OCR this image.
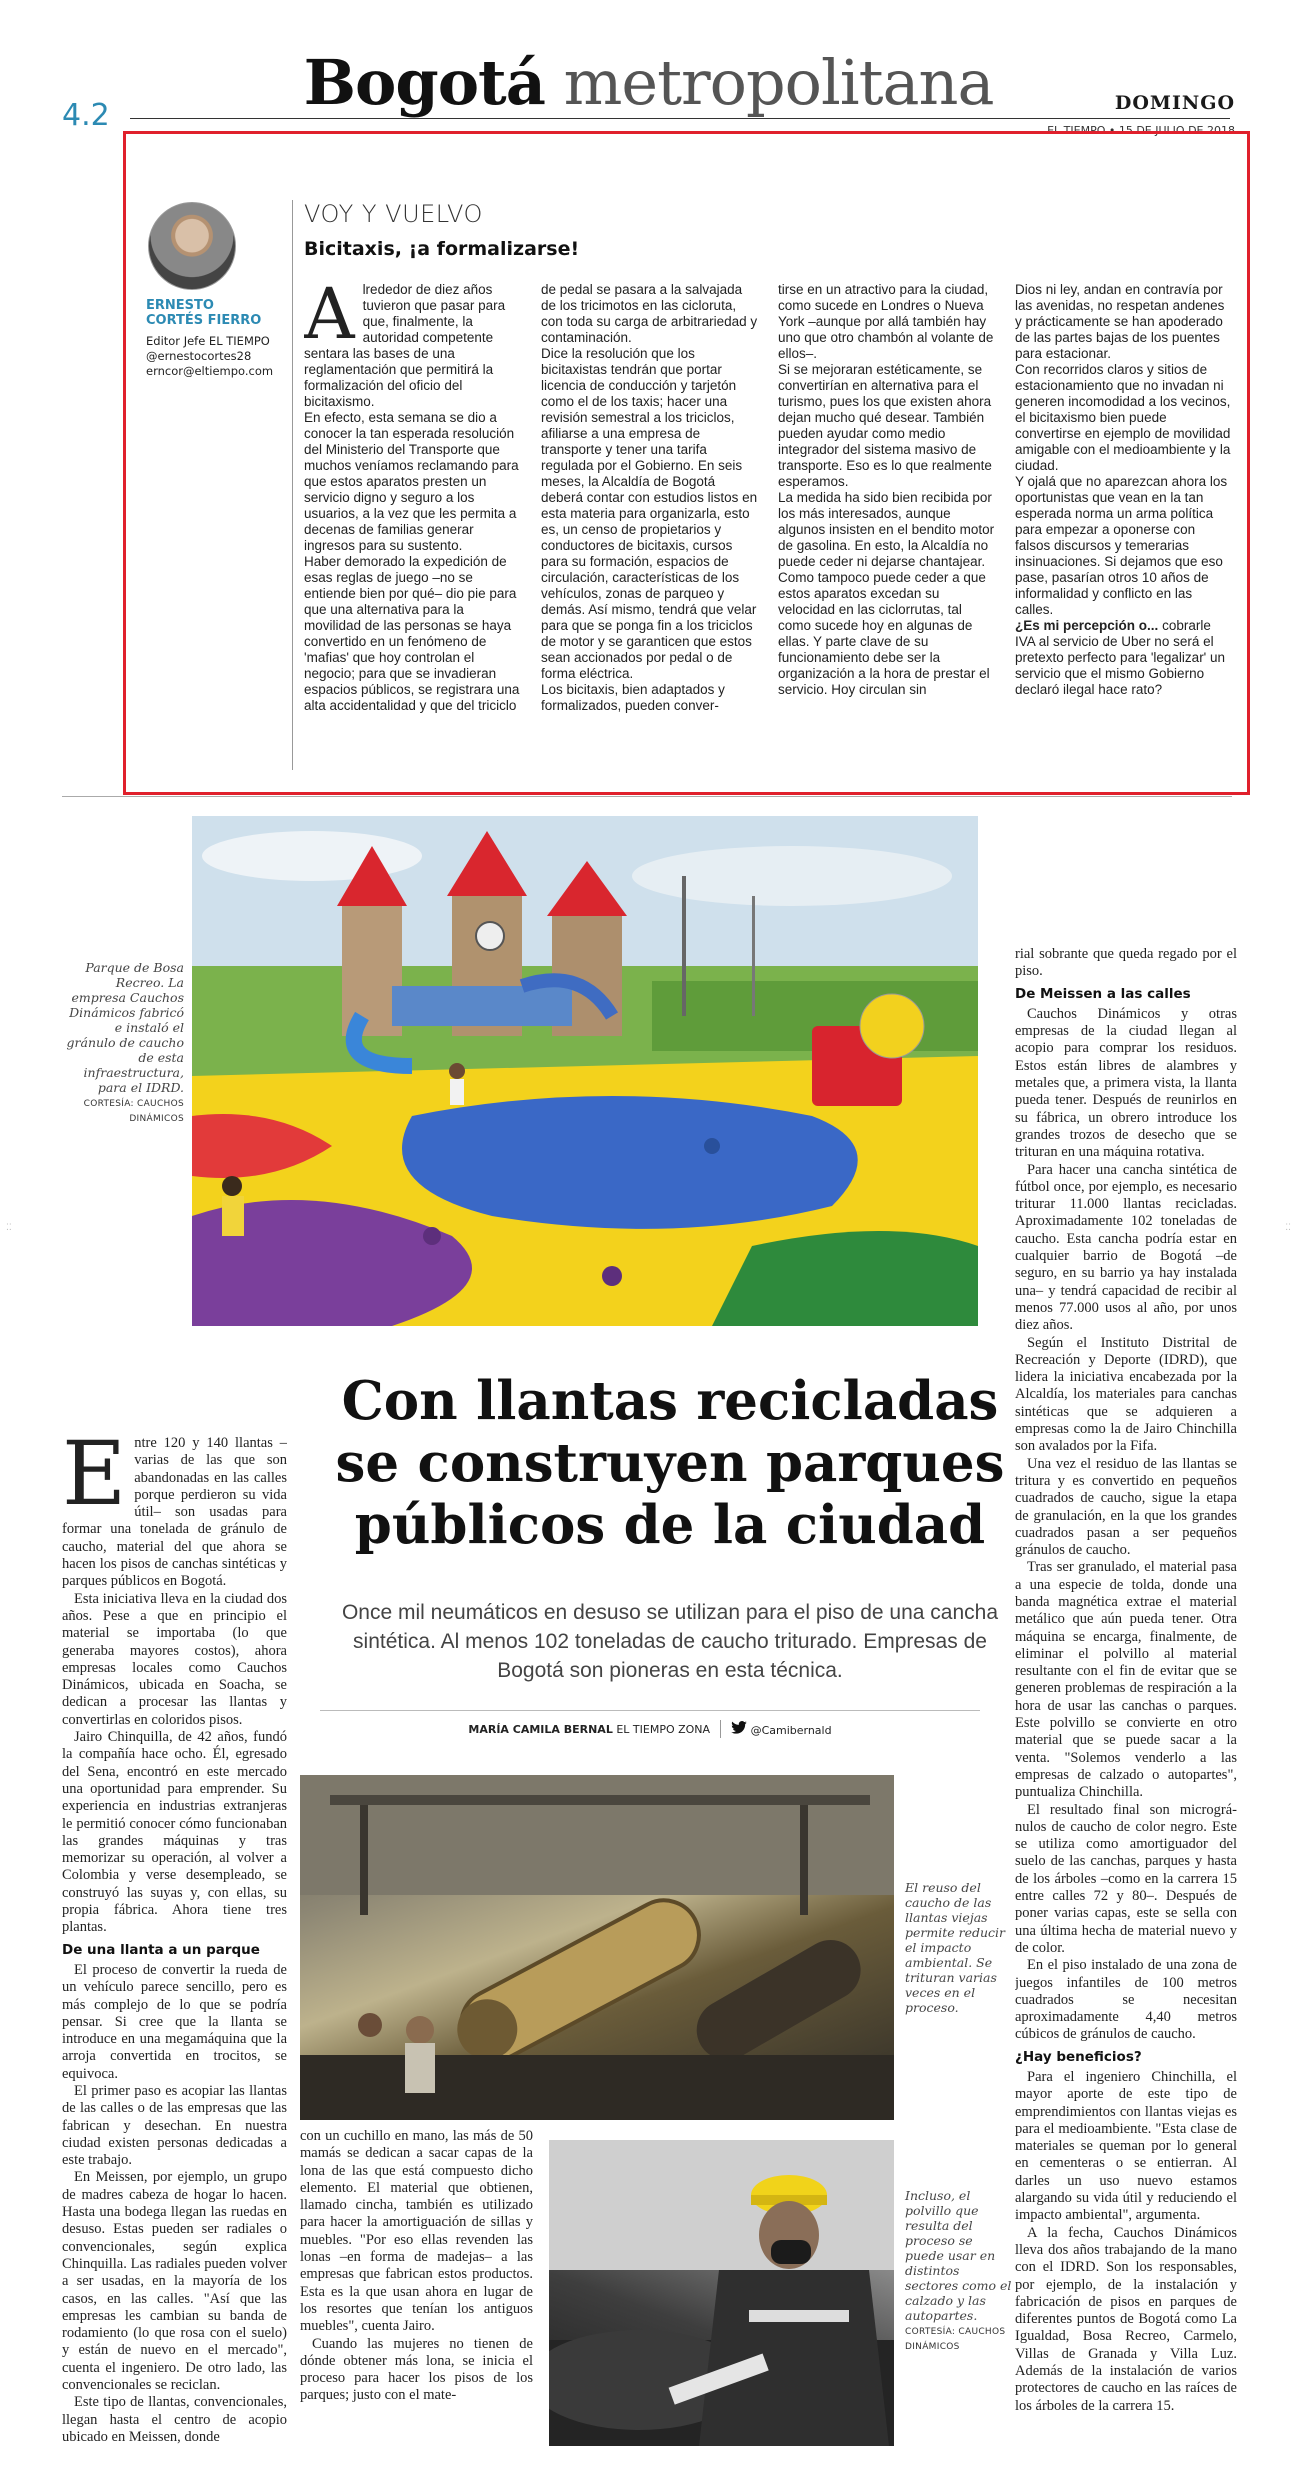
Bogotá metropolitana
4.2	DOMINGO
EL TIEMPO • 15 DE JULIO DE 2018
ERNESTO
CORTÉS FIERRO
Editor Jefe EL TIEMPO
@ernestocortes28
erncor@eltiempo.com
VOY Y VUELVO
Bicitaxis, ¡a formalizarse!
A lrededor de diez años tuvieron que pasar para que, finalmente, la autoridad competente sentara las bases de una reglamentación que permitirá la formalización del oficio del bicitaxismo.
En efecto, esta semana se dio a conocer la tan esperada resolución del Ministerio del Transporte que muchos veníamos reclamando para que estos aparatos presten un servicio digno y seguro a los usuarios, a la vez que les permita a decenas de familias generar ingresos para su sustento.
Haber demorado la expedición de esas reglas de juego –no se entiende bien por qué– dio pie para que una alternativa para la movilidad de las personas se haya convertido en un fenómeno de 'mafias' que hoy controlan el negocio; para que se invadieran espacios públicos, se registrara una alta accidentalidad y que del triciclo

de pedal se pasara a la salvajada de los tricimotos en las cicloruta, con toda su carga de arbitrariedad y contaminación.
Dice la resolución que los bicitaxistas tendrán que portar licencia de conducción y tarjetón como el de los taxis; hacer una revisión semestral a los triciclos, afiliarse a una empresa de transporte y tener una tarifa regulada por el Gobierno. En seis meses, la Alcaldía de Bogotá deberá contar con estudios listos en esta materia para organizarla, esto es, un censo de propietarios y conductores de bicitaxis, cursos para su formación, espacios de circulación, características de los vehículos, zonas de parqueo y demás. Así mismo, tendrá que velar para que se ponga fin a los triciclos de motor y se garanticen que estos sean accionados por pedal o de forma eléctrica.
Los bicitaxis, bien adaptados y formalizados, pueden conver-

tirse en un atractivo para la ciudad, como sucede en Londres o Nueva York –aunque por allá también hay uno que otro chambón al volante de ellos–.
Si se mejoraran estéticamente, se convertirían en alternativa para el turismo, pues los que existen ahora dejan mucho qué desear. También pueden ayudar como medio integrador del sistema masivo de transporte. Eso es lo que realmente esperamos.
La medida ha sido bien recibida por los más interesados, aunque algunos insisten en el bendito motor de gasolina. En esto, la Alcaldía no puede ceder ni dejarse chantajear.
Como tampoco puede ceder a que estos aparatos excedan su velocidad en las ciclorrutas, tal como sucede hoy en algunas de ellas. Y parte clave de su funcionamiento debe ser la organización a la hora de prestar el servicio. Hoy circulan sin

Dios ni ley, andan en contravía por las avenidas, no respetan andenes y prácticamente se han apoderado de las partes bajas de los puentes para estacionar.
Con recorridos claros y sitios de estacionamiento que no invadan ni generen incomodidad a los vecinos, el bicitaxismo bien puede convertirse en ejemplo de movilidad amigable con el medioambiente y la ciudad.
Y ojalá que no aparezcan ahora los oportunistas que vean en la tan esperada norma un arma política para empezar a oponerse con falsos discursos y temerarias insinuaciones. Si dejamos que eso pase, pasarían otros 10 años de informalidad y conflicto en las calles.

¿Es mi percepción o... cobrarle IVA al servicio de Uber no será el pretexto perfecto para 'legalizar' un servicio que el mismo Gobierno declaró ilegal hace rato?

⁚⁚	⁚⁚
Parque de Bosa Recreo. La empresa Cauchos Dinámicos fabricó e instaló el gránulo de caucho de esta infraestructura, para el IDRD.
CORTESÍA: CAUCHOS DINÁMICOS
Con llantas recicladas se construyen parques públicos de la ciudad

Once mil neumáticos en desuso se utilizan para el piso de una cancha sintética. Al menos 102 toneladas de caucho triturado. Empresas de Bogotá son pioneras en esta técnica.

MARÍA CAMILA BERNAL EL TIEMPO ZONA	@Camibernald
E ntre 120 y 140 llantas –varias de las que son abandonadas en las calles porque perdieron su vida útil– son usadas para formar una tonelada de gránulo de caucho, material del que ahora se hacen los pisos de canchas sintéticas y parques públicos en Bogotá.

Esta iniciativa lleva en la ciudad dos años. Pese a que en principio el material se importaba (lo que generaba mayores costos), ahora empresas locales como Cauchos Dinámicos, ubicada en Soacha, se dedican a procesar las llantas y convertirlas en coloridos pisos.

Jairo Chinquilla, de 42 años, fundó la compañía hace ocho. Él, egresado del Sena, encontró en este mercado una oportunidad para emprender. Su experiencia en industrias extranjeras le permitió conocer cómo funcionaban las grandes máquinas y tras memorizar su operación, al volver a Colombia y verse desempleado, se construyó las suyas y, con ellas, su propia fábrica. Ahora tiene tres plantas.

De una llanta a un parque

El proceso de convertir la rueda de un vehículo parece sencillo, pero es más complejo de lo que se podría pensar. Si cree que la llanta se introduce en una megamáquina que la arroja convertida en trocitos, se equivoca.

El primer paso es acopiar las llantas de las calles o de las empresas que las fabrican y desechan. En nuestra ciudad existen personas dedicadas a este trabajo.

En Meissen, por ejemplo, un grupo de madres cabeza de hogar lo hacen. Hasta una bodega llegan las ruedas en desuso. Estas pueden ser radiales o convencionales, según explica Chinquilla. Las radiales pueden volver a ser usadas, en la mayoría de los casos, en las calles. "Así que las empresas les cambian su banda de rodamiento (lo que rosa con el suelo) y están de nuevo en el mercado", cuenta el ingeniero. De otro lado, las convencionales se reciclan.

Este tipo de llantas, convencionales, llegan hasta el centro de acopio ubicado en Meissen, donde

El reuso del caucho de las llantas viejas permite reducir el impacto ambiental. Se trituran varias veces en el proceso.

con un cuchillo en mano, las más de 50 mamás se dedican a sacar capas de la lona de las que está compuesto dicho elemento. El material que obtienen, llamado cincha, también es utilizado para hacer la amortiguación de sillas y muebles. "Por eso ellas revenden las lonas –en forma de madejas– a las empresas que fabrican estos productos. Esta es la que usan ahora en lugar de los resortes que tenían los antiguos muebles", cuenta Jairo.

Cuando las mujeres no tienen de dónde obtener más lona, se inicia el proceso para hacer los pisos de los parques; justo con el mate-

Incluso, el polvillo que resulta del proceso se puede usar en distintos sectores como el calzado y las autopartes.
CORTESÍA: CAUCHOS DINÁMICOS

rial sobrante que queda regado por el piso.

De Meissen a las calles

Cauchos Dinámicos y otras empresas de la ciudad llegan al acopio para comprar los residuos. Estos están libres de alambres y metales que, a primera vista, la llanta pueda tener. Después de reunirlos en su fábrica, un obrero introduce los grandes trozos de desecho que se trituran en una máquina rotativa.

Para hacer una cancha sintética de fútbol once, por ejemplo, es necesario triturar 11.000 llantas recicladas. Aproximadamente 102 toneladas de caucho. Esta cancha podría estar en cualquier barrio de Bogotá –de seguro, en su barrio ya hay instalada una– y tendrá capacidad de recibir al menos 77.000 usos al año, por unos diez años.

Según el Instituto Distrital de Recreación y Deporte (IDRD), que lidera la iniciativa encabezada por la Alcaldía, los materiales para canchas sintéticas que se adquieren a empresas como la de Jairo Chinchilla son avalados por la Fifa.

Una vez el residuo de las llantas se tritura y es convertido en pequeños cuadrados de caucho, sigue la etapa de granulación, en la que los grandes cuadrados pasan a ser pequeños gránulos de caucho.

Tras ser granulado, el material pasa a una especie de tolda, donde una banda magnética extrae el material metálico que aún pueda tener. Otra máquina se encarga, finalmente, de eliminar el polvillo al material resultante con el fin de evitar que se generen problemas de respiración a la hora de usar las canchas o parques. Este polvillo se convierte en otro material que se puede sacar a la venta. "Solemos venderlo a las empresas de calzado o autopartes", puntualiza Chinchilla.

El resultado final son microgránulos de caucho de color negro. Este se utiliza como amortiguador del suelo de las canchas, parques y hasta de los árboles –como en la carrera 15 entre calles 72 y 80–. Después de poner varias capas, este se sella con una última hecha de material nuevo y de color.

En el piso instalado de una zona de juegos infantiles de 100 metros cuadrados se necesitan aproximadamente 4,40 metros cúbicos de gránulos de caucho.

¿Hay beneficios?

Para el ingeniero Chinchilla, el mayor aporte de este tipo de emprendimientos con llantas viejas es para el medioambiente. "Esta clase de materiales se queman por lo general en cementeras o se entierran. Al darles un uso nuevo estamos alargando su vida útil y reduciendo el impacto ambiental", argumenta.

A la fecha, Cauchos Dinámicos lleva dos años trabajando de la mano con el IDRD. Son los responsables, por ejemplo, de la instalación y fabricación de pisos en parques de diferentes puntos de Bogotá como La Igualdad, Bosa Recreo, Carmelo, Villas de Granada y Villa Luz. Además de la instalación de varios protectores de caucho en las raíces de los árboles de la carrera 15.
